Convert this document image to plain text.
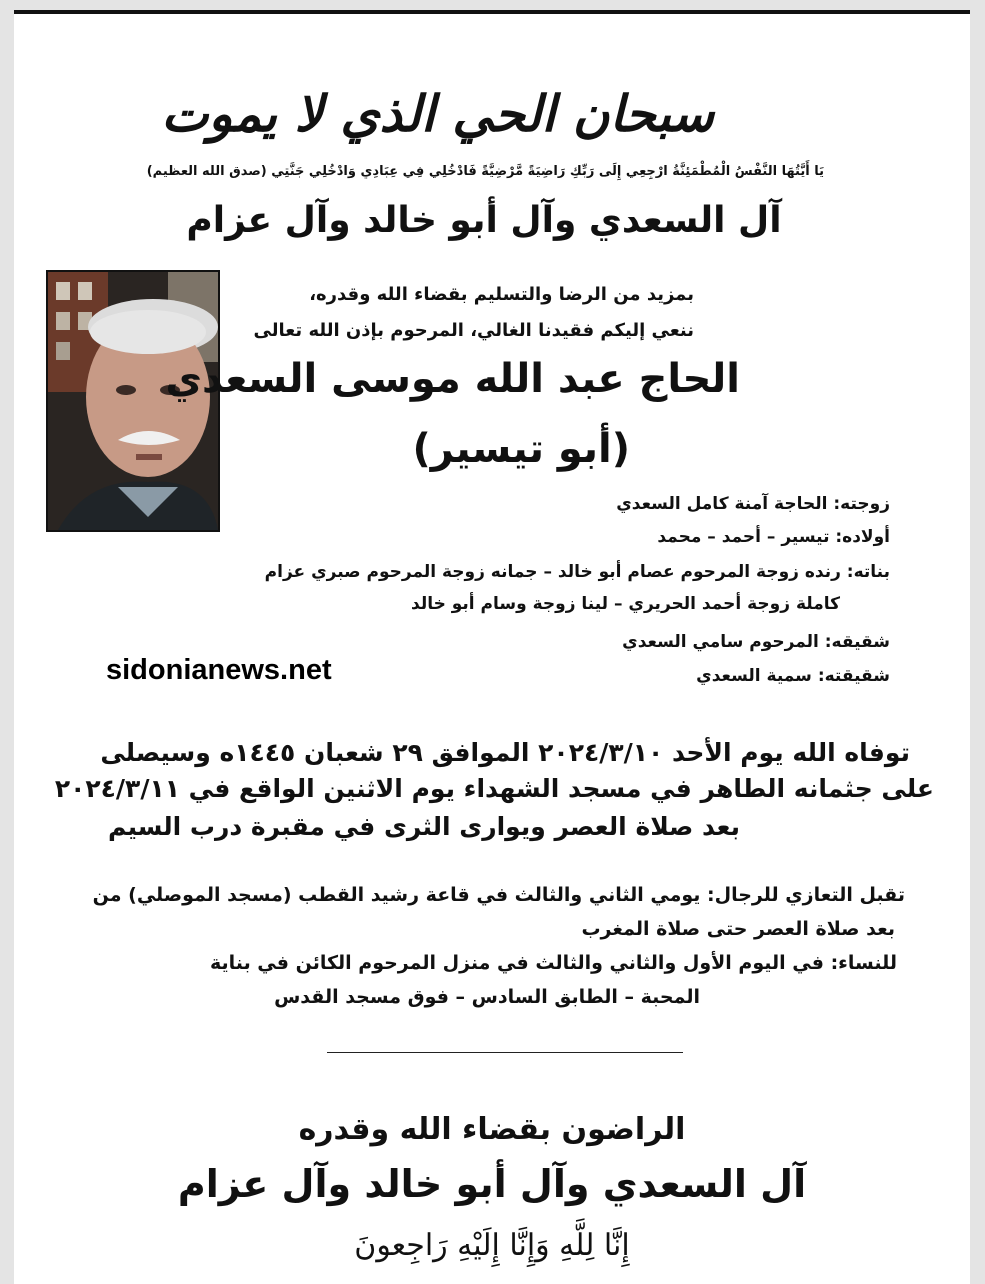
سبحان الحي الذي لا يموت
يَا أَيَّتُهَا النَّفْسُ الْمُطْمَئِنَّةُ ارْجِعِي إِلَى رَبِّكِ رَاضِيَةً مَّرْضِيَّةً فَادْخُلِي فِي عِبَادِي وَادْخُلِي جَنَّتِي (صدق الله العظيم)
آل السعدي وآل أبو خالد وآل عزام
بمزيد من الرضا والتسليم بقضاء الله وقدره،
ننعي إليكم فقيدنا الغالي، المرحوم بإذن الله تعالى
الحاج عبد الله موسى السعدي
(أبو تيسير)
زوجته: الحاجة آمنة كامل السعدي
أولاده: تيسير – أحمد – محمد
بناته: رنده زوجة المرحوم عصام أبو خالد – جمانه زوجة المرحوم صبري عزام
كاملة زوجة أحمد الحريري – لينا زوجة وسام أبو خالد
شقيقه: المرحوم سامي السعدي
شقيقته: سمية السعدي
sidonianews.net
توفاه الله يوم الأحد ٢٠٢٤/٣/١٠ الموافق ٢٩ شعبان ١٤٤٥ه وسيصلى
على جثمانه الطاهر في مسجد الشهداء يوم الاثنين الواقع في ٢٠٢٤/٣/١١
بعد صلاة العصر ويوارى الثرى في مقبرة درب السيم
تقبل التعازي للرجال: يومي الثاني والثالث في قاعة رشيد القطب (مسجد الموصلي) من
بعد صلاة العصر حتى صلاة المغرب
للنساء: في اليوم الأول والثاني والثالث في منزل المرحوم الكائن في بناية
المحبة – الطابق السادس – فوق مسجد القدس
الراضون بقضاء الله وقدره
آل السعدي وآل أبو خالد وآل عزام
إِنَّا لِلَّهِ وَإِنَّا إِلَيْهِ رَاجِعونَ
